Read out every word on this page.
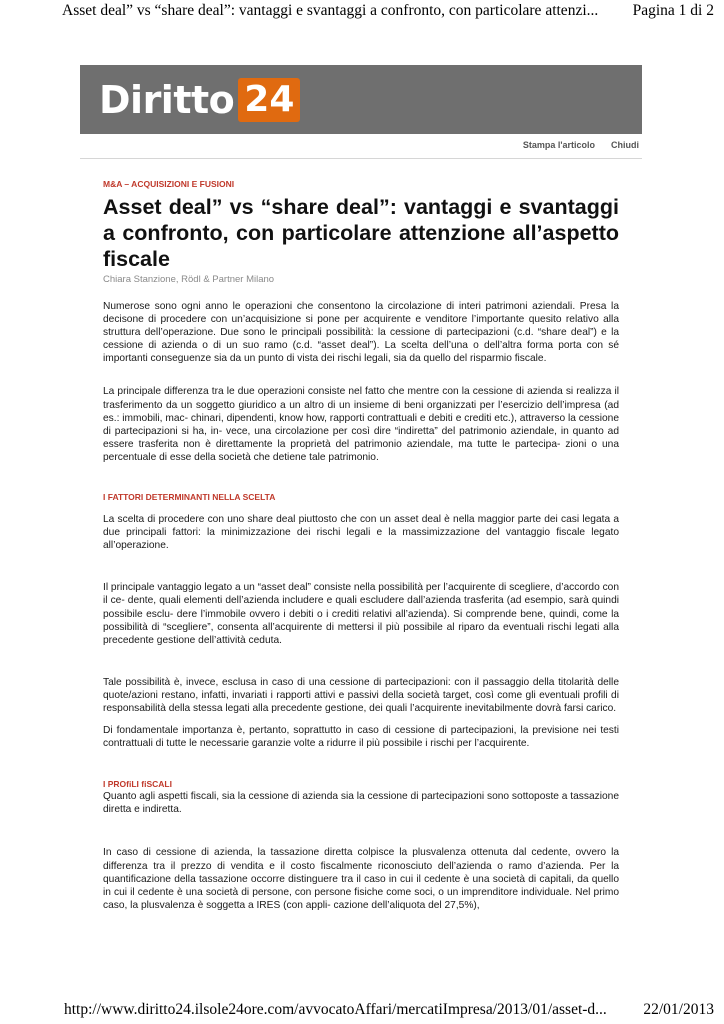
Asset deal” vs “share deal”: vantaggi e svantaggi a confronto, con particolare attenzi... Pagina 1 di 2
Diritto 24
Stampa l'articolo Chiudi

M&A – ACQUISIZIONI E FUSIONI

Asset deal” vs “share deal”: vantaggi e svantaggi a confronto, con particolare attenzione all’aspetto fiscale
Chiara Stanzione, Rödl & Partner Milano

Numerose sono ogni anno le operazioni che consentono la circolazione di interi patrimoni aziendali. Presa la decisone di procedere con un’acquisizione si pone per acquirente e venditore l’importante quesito relativo alla struttura dell’operazione. Due sono le principali possibilità: la cessione di partecipazioni (c.d. “share deal”) e la cessione di azienda o di un suo ramo (c.d. “asset deal”). La scelta dell’una o dell’altra forma porta con sé importanti conseguenze sia da un punto di vista dei rischi legali, sia da quello del risparmio fiscale.

La principale differenza tra le due operazioni consiste nel fatto che mentre con la cessione di azienda si realizza il trasferimento da un soggetto giuridico a un altro di un insieme di beni organizzati per l’esercizio dell’impresa (ad es.: immobili, mac- chinari, dipendenti, know how, rapporti contrattuali e debiti e crediti etc.), attraverso la cessione di partecipazioni si ha, in- vece, una circolazione per così dire “indiretta” del patrimonio aziendale, in quanto ad essere trasferita non è direttamente la proprietà del patrimonio aziendale, ma tutte le partecipa- zioni o una percentuale di esse della società che detiene tale patrimonio.

I FATTORI DETERMINANTI NELLA SCELTA

La scelta di procedere con uno share deal piuttosto che con un asset deal è nella maggior parte dei casi legata a due principali fattori: la minimizzazione dei rischi legali e la massimizzazione del vantaggio fiscale legato all’operazione.

Il principale vantaggio legato a un “asset deal” consiste nella possibilità per l’acquirente di scegliere, d’accordo con il ce- dente, quali elementi dell’azienda includere e quali escludere dall’azienda trasferita (ad esempio, sarà quindi possibile esclu- dere l’immobile ovvero i debiti o i crediti relativi all’azienda). Si comprende bene, quindi, come la possibilità di “scegliere”, consenta all’acquirente di mettersi il più possibile al riparo da eventuali rischi legati alla precedente gestione dell’attività ceduta.

Tale possibilità è, invece, esclusa in caso di una cessione di partecipazioni: con il passaggio della titolarità delle quote/azioni restano, infatti, invariati i rapporti attivi e passivi della società target, così come gli eventuali profili di responsabilità della stessa legati alla precedente gestione, dei quali l’acquirente inevitabilmente dovrà farsi carico.

Di fondamentale importanza è, pertanto, soprattutto in caso di cessione di partecipazioni, la previsione nei testi contrattuali di tutte le necessarie garanzie volte a ridurre il più possibile i rischi per l’acquirente.

I PROfiLI fiSCALI

Quanto agli aspetti fiscali, sia la cessione di azienda sia la cessione di partecipazioni sono sottoposte a tassazione diretta e indiretta.

In caso di cessione di azienda, la tassazione diretta colpisce la plusvalenza ottenuta dal cedente, ovvero la differenza tra il prezzo di vendita e il costo fiscalmente riconosciuto dell’azienda o ramo d’azienda. Per la quantificazione della tassazione occorre distinguere tra il caso in cui il cedente è una società di capitali, da quello in cui il cedente è una società di persone, con persone fisiche come soci, o un imprenditore individuale. Nel primo caso, la plusvalenza è soggetta a IRES (con appli- cazione dell’aliquota del 27,5%),

http://www.diritto24.ilsole24ore.com/avvocatoAffari/mercatiImpresa/2013/01/asset-d... 22/01/2013
